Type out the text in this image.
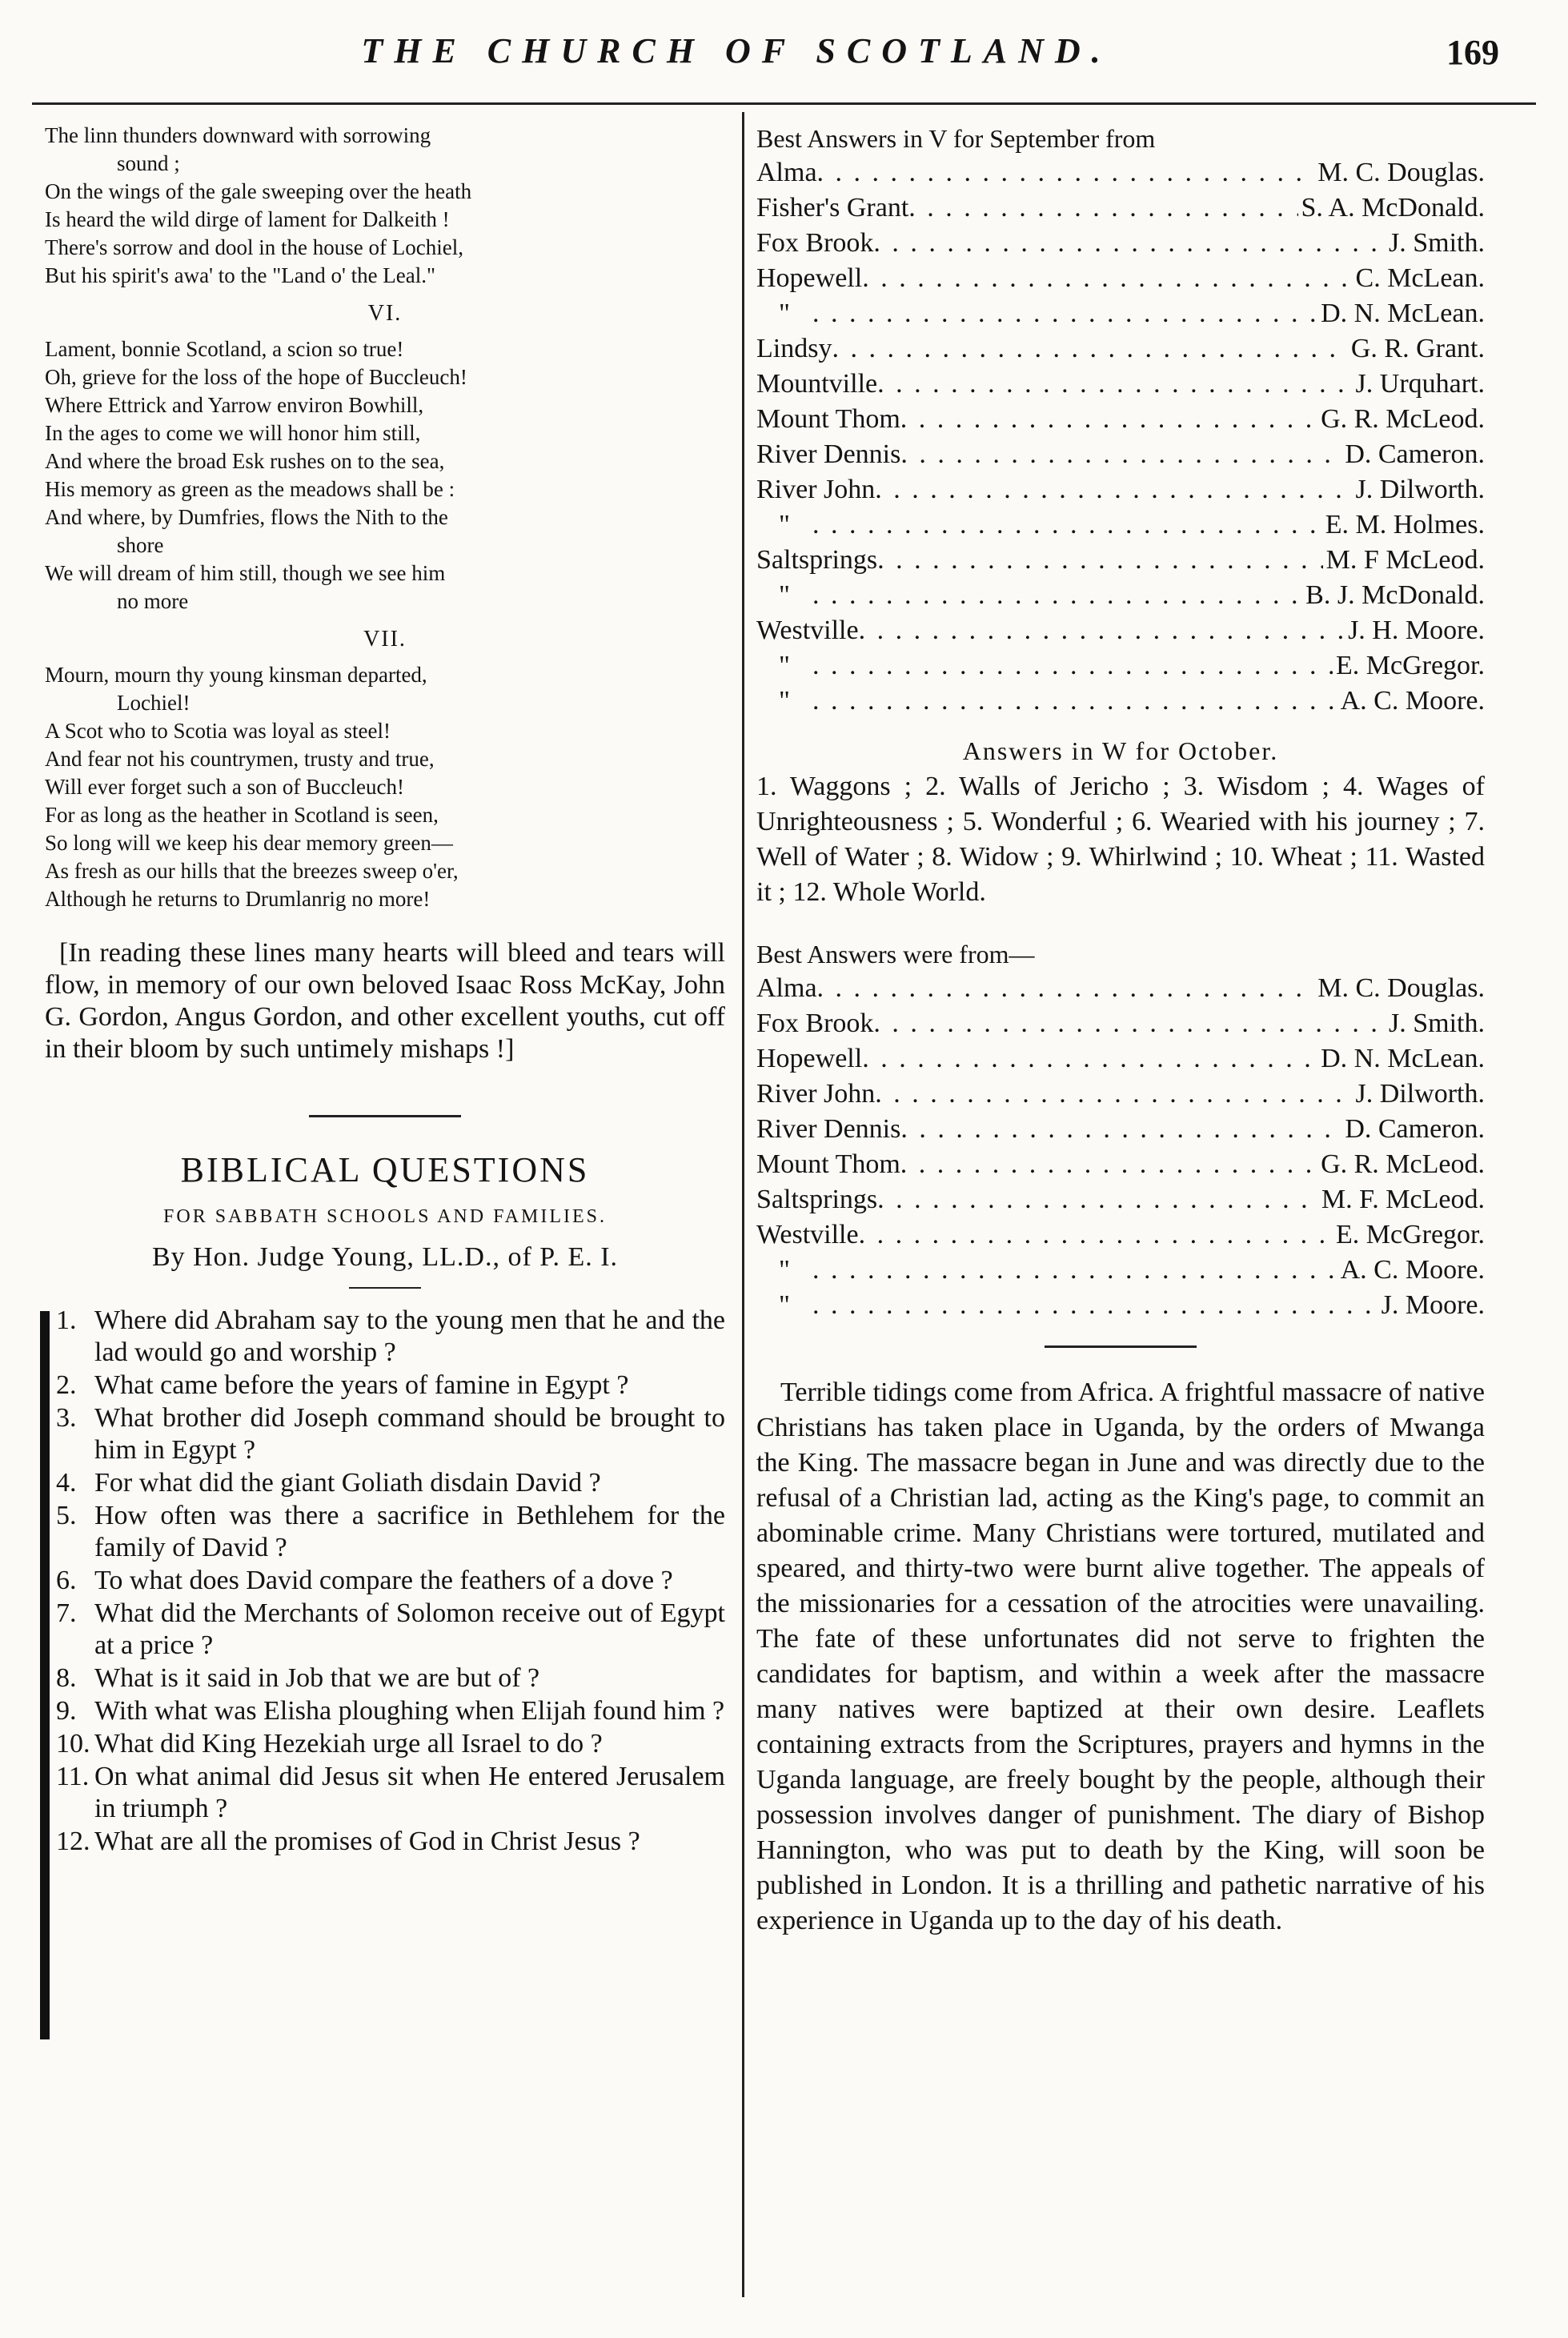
THE CHURCH OF SCOTLAND.	169

The linn thunders downward with sorrowing

sound ;

On the wings of the gale sweeping over the heath

Is heard the wild dirge of lament for Dalkeith !

There's sorrow and dool in the house of Lochiel,

But his spirit's awa' to the "Land o' the Leal."

VI.

Lament, bonnie Scotland, a scion so true!

Oh, grieve for the loss of the hope of Buccleuch!

Where Ettrick and Yarrow environ Bowhill,

In the ages to come we will honor him still,

And where the broad Esk rushes on to the sea,

His memory as green as the meadows shall be :

And where, by Dumfries, flows the Nith to the

shore

We will dream of him still, though we see him

no more

VII.

Mourn, mourn thy young kinsman departed,

Lochiel!

A Scot who to Scotia was loyal as steel!

And fear not his countrymen, trusty and true,

Will ever forget such a son of Buccleuch!

For as long as the heather in Scotland is seen,

So long will we keep his dear memory green—

As fresh as our hills that the breezes sweep o'er,

Although he returns to Drumlanrig no more!

[In reading these lines many hearts will bleed and tears will flow, in memory of our own beloved Isaac Ross McKay, John G. Gordon, Angus Gordon, and other excellent youths, cut off in their bloom by such untimely mishaps !]

BIBLICAL QUESTIONS
FOR SABBATH SCHOOLS AND FAMILIES.
By Hon. Judge Young, LL.D., of P. E. I.
1. Where did Abraham say to the young men that he and the lad would go and worship ?
2. What came before the years of famine in Egypt ?
3. What brother did Joseph command should be brought to him in Egypt ?
4. For what did the giant Goliath disdain David ?
5. How often was there a sacrifice in Bethlehem for the family of David ?
6. To what does David compare the feathers of a dove ?
7. What did the Merchants of Solomon receive out of Egypt at a price ?
8. What is it said in Job that we are but of ?
9. With what was Elisha ploughing when Elijah found him ?
10. What did King Hezekiah urge all Israel to do ?
11. On what animal did Jesus sit when He entered Jerusalem in triumph ?
12. What are all the promises of God in Christ Jesus ?
Best Answers in V for September from
Alma . . .	M. C. Douglas.
Fisher's Grant . . .	S. A. McDonald.
Fox Brook . . .	J. Smith.
Hopewell . . .	C. McLean.
" . . .	D. N. McLean.
Lindsy . . .	G. R. Grant.
Mountville . . .	J. Urquhart.
Mount Thom . . .	G. R. McLeod.
River Dennis . . .	D. Cameron.
River John . . .	J. Dilworth.
" . . .	E. M. Holmes.
Saltsprings . . .	M. F McLeod.
" . . .	B. J. McDonald.
Westville . . .	J. H. Moore.
" . . .	E. McGregor.
" . . .	A. C. Moore.
Answers in W for October.

1. Waggons ; 2. Walls of Jericho ; 3. Wisdom ; 4. Wages of Unrighteousness ; 5. Wonderful ; 6. Wearied with his journey ; 7. Well of Water ; 8. Widow ; 9. Whirlwind ; 10. Wheat ; 11. Wasted it ; 12. Whole World.

Best Answers were from—
Alma . . .	M. C. Douglas.
Fox Brook . . .	J. Smith.
Hopewell . . .	D. N. McLean.
River John . . .	J. Dilworth.
River Dennis . . .	D. Cameron.
Mount Thom . . .	G. R. McLeod.
Saltsprings . . .	M. F. McLeod.
Westville . . .	E. McGregor.
" . . .	A. C. Moore.
" . . .	J. Moore.

Terrible tidings come from Africa. A frightful massacre of native Christians has taken place in Uganda, by the orders of Mwanga the King. The massacre began in June and was directly due to the refusal of a Christian lad, acting as the King's page, to commit an abominable crime. Many Christians were tortured, mutilated and speared, and thirty-two were burnt alive together. The appeals of the missionaries for a cessation of the atrocities were unavailing. The fate of these unfortunates did not serve to frighten the candidates for baptism, and within a week after the massacre many natives were baptized at their own desire. Leaflets containing extracts from the Scriptures, prayers and hymns in the Uganda language, are freely bought by the people, although their possession involves danger of punishment. The diary of Bishop Hannington, who was put to death by the King, will soon be published in London. It is a thrilling and pathetic narrative of his experience in Uganda up to the day of his death.
